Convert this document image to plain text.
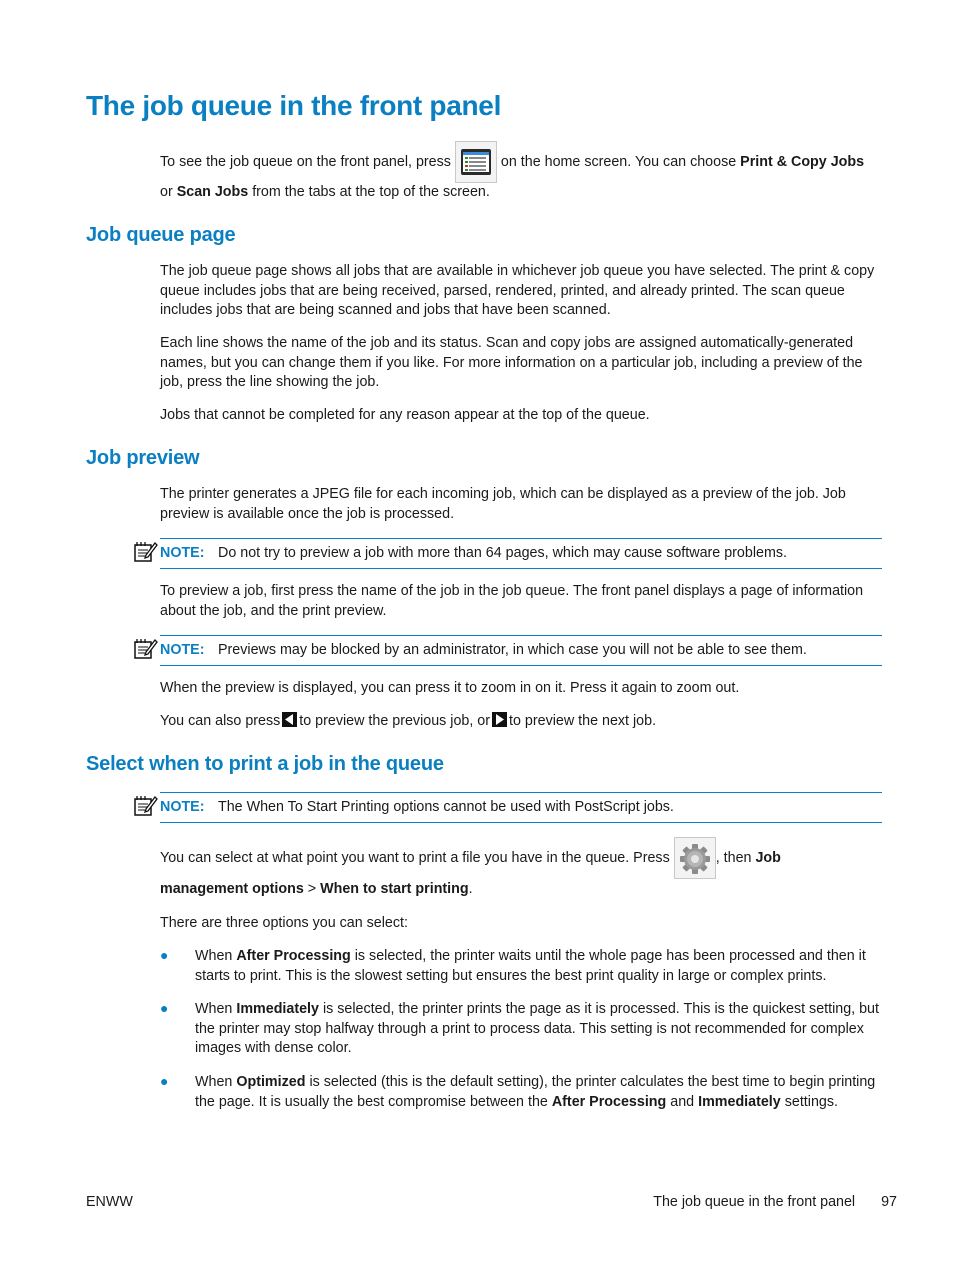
The job queue in the front panel
To see the job queue on the front panel, press	on the home screen. You can choose Print & Copy Jobs
or Scan Jobs from the tabs at the top of the screen.
Job queue page

The job queue page shows all jobs that are available in whichever job queue you have selected. The print & copy queue includes jobs that are being received, parsed, rendered, printed, and already printed. The scan queue includes jobs that are being scanned and jobs that have been scanned.

Each line shows the name of the job and its status. Scan and copy jobs are assigned automatically-generated names, but you can change them if you like. For more information on a particular job, including a preview of the job, press the line showing the job.

Jobs that cannot be completed for any reason appear at the top of the queue.

Job preview

The printer generates a JPEG file for each incoming job, which can be displayed as a preview of the job. Job preview is available once the job is processed.

NOTE: Do not try to preview a job with more than 64 pages, which may cause software problems.

To preview a job, first press the name of the job in the job queue. The front panel displays a page of information about the job, and the print preview.

NOTE: Previews may be blocked by an administrator, in which case you will not be able to see them.

When the preview is displayed, you can press it to zoom in on it. Press it again to zoom out.

You can also press to preview the previous job, or to preview the next job.

Select when to print a job in the queue
NOTE: The When To Start Printing options cannot be used with PostScript jobs.
You can select at what point you want to print a file you have in the queue. Press	, then Job
management options > When to start printing.

There are three options you can select:

● When After Processing is selected, the printer waits until the whole page has been processed and then it starts to print. This is the slowest setting but ensures the best print quality in large or complex prints.
● When Immediately is selected, the printer prints the page as it is processed. This is the quickest setting, but the printer may stop halfway through a print to process data. This setting is not recommended for complex images with dense color.
● When Optimized is selected (this is the default setting), the printer calculates the best time to begin printing the page. It is usually the best compromise between the After Processing and Immediately settings.
ENWW	The job queue in the front panel 97
